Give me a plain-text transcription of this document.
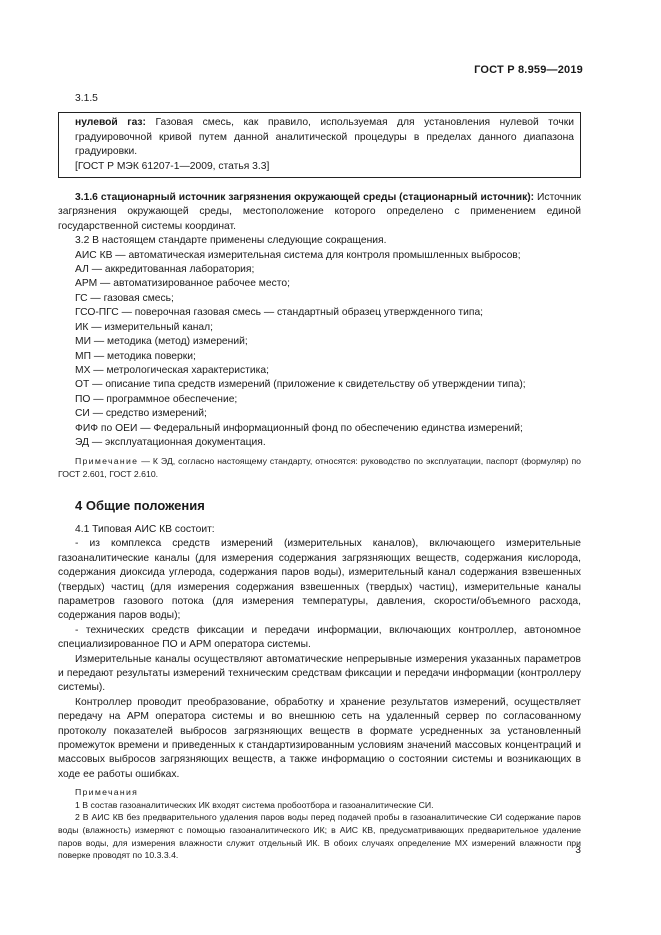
ГОСТ Р 8.959—2019

3.1.5

нулевой газ: Газовая смесь, как правило, используемая для установления нулевой точки градуировочной кривой путем данной аналитической процедуры в пределах данного диапазона градуировки.

[ГОСТ Р МЭК 61207-1—2009, статья 3.3]

3.1.6 стационарный источник загрязнения окружающей среды (стационарный источник): Источник загрязнения окружающей среды, местоположение которого определено с применением единой государственной системы координат.

3.2 В настоящем стандарте применены следующие сокращения.

АИС КВ — автоматическая измерительная система для контроля промышленных выбросов;
АЛ — аккредитованная лаборатория;
АРМ — автоматизированное рабочее место;
ГС — газовая смесь;
ГСО-ПГС — поверочная газовая смесь — стандартный образец утвержденного типа;
ИК — измерительный канал;
МИ — методика (метод) измерений;
МП — методика поверки;
МХ — метрологическая характеристика;
ОТ — описание типа средств измерений (приложение к свидетельству об утверждении типа);
ПО — программное обеспечение;
СИ — средство измерений;
ФИФ по ОЕИ — Федеральный информационный фонд по обеспечению единства измерений;
ЭД — эксплуатационная документация.

Примечание — К ЭД, согласно настоящему стандарту, относятся: руководство по эксплуатации, паспорт (формуляр) по ГОСТ 2.601, ГОСТ 2.610.

4 Общие положения

4.1 Типовая АИС КВ состоит:

- из комплекса средств измерений (измерительных каналов), включающего измерительные газоаналитические каналы (для измерения содержания загрязняющих веществ, содержания кислорода, содержания диоксида углерода, содержания паров воды), измерительный канал содержания взвешенных (твердых) частиц (для измерения содержания взвешенных (твердых) частиц), измерительные каналы параметров газового потока (для измерения температуры, давления, скорости/объемного расхода, содержания паров воды);

- технических средств фиксации и передачи информации, включающих контроллер, автономное специализированное ПО и АРМ оператора системы.

Измерительные каналы осуществляют автоматические непрерывные измерения указанных параметров и передают результаты измерений техническим средствам фиксации и передачи информации (контроллеру системы).

Контроллер проводит преобразование, обработку и хранение результатов измерений, осуществляет передачу на АРМ оператора системы и во внешнюю сеть на удаленный сервер по согласованному протоколу показателей выбросов загрязняющих веществ в формате усредненных за установленный промежуток времени и приведенных к стандартизированным условиям значений массовых концентраций и массовых выбросов загрязняющих веществ, а также информацию о состоянии системы и возникающих в ходе ее работы ошибках.

Примечания

1 В состав газоаналитических ИК входят система пробоотбора и газоаналитические СИ.

2 В АИС КВ без предварительного удаления паров воды перед подачей пробы в газоаналитические СИ содержание паров воды (влажность) измеряют с помощью газоаналитического ИК; в АИС КВ, предусматривающих предварительное удаление паров воды, для измерения влажности служит отдельный ИК. В обоих случаях определение МХ измерений влажности при поверке проводят по 10.3.3.4.	3
